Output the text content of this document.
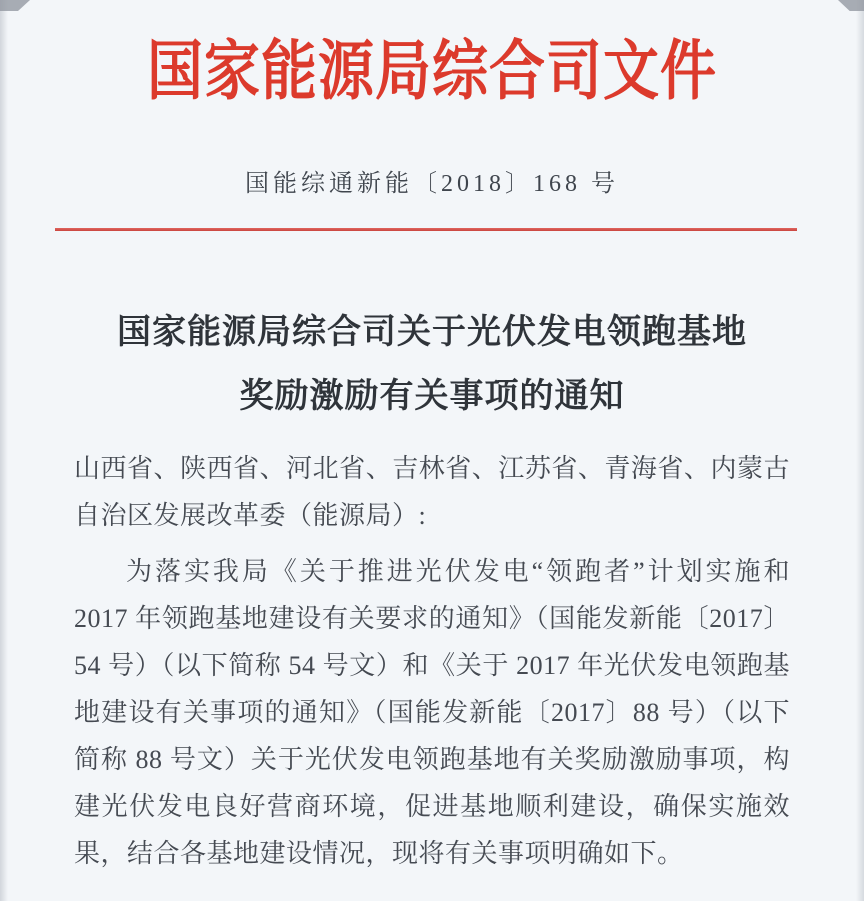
国家能源局综合司文件
国能综通新能〔2018〕168 号
国家能源局综合司关于光伏发电领跑基地
奖励激励有关事项的通知

山西省、陕西省、河北省、吉林省、江苏省、青海省、内蒙古自治区发展改革委（能源局）:

为落实我局《关于推进光伏发电“领跑者”计划实施和 2017 年领跑基地建设有关要求的通知》（国能发新能〔2017〕54 号）（以下简称 54 号文）和《关于 2017 年光伏发电领跑基地建设有关事项的通知》（国能发新能〔2017〕88 号）（以下简称 88 号文）关于光伏发电领跑基地有关奖励激励事项，构建光伏发电良好营商环境，促进基地顺利建设，确保实施效果，结合各基地建设情况，现将有关事项明确如下。
